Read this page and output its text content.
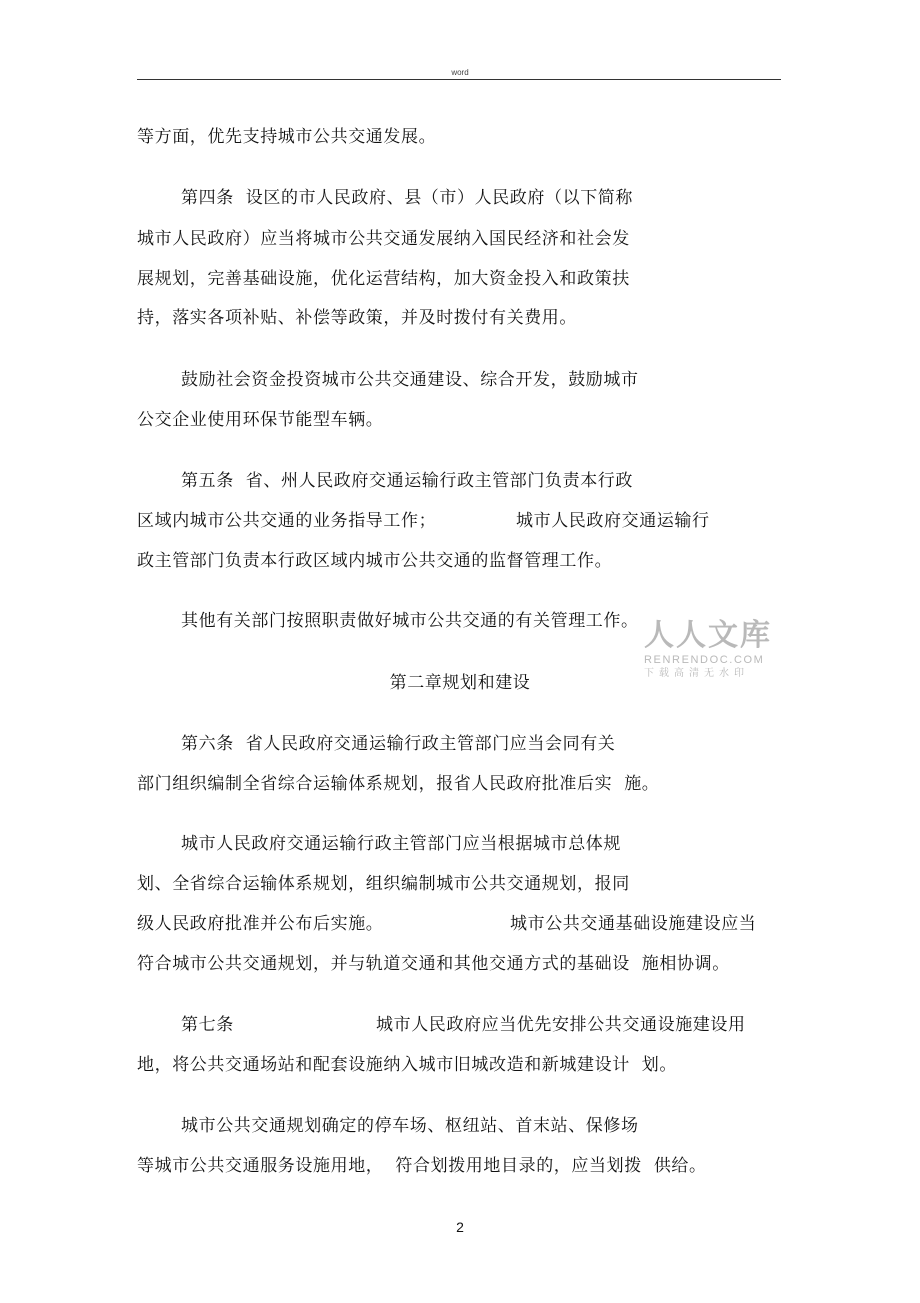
word
等方面，优先支持城市公共交通发展。
第四条  设区的市人民政府、县（市）人民政府（以下简称
城市人民政府）应当将城市公共交通发展纳入国民经济和社会发
展规划，完善基础设施，优化运营结构，加大资金投入和政策扶
持，落实各项补贴、补偿等政策，并及时拨付有关费用。
鼓励社会资金投资城市公共交通建设、综合开发，鼓励城市
公交企业使用环保节能型车辆。
第五条  省、州人民政府交通运输行政主管部门负责本行政
区域内城市公共交通的业务指导工作；	城市人民政府交通运输行
政主管部门负责本行政区域内城市公共交通的监督管理工作。
其他有关部门按照职责做好城市公共交通的有关管理工作。
第二章规划和建设
第六条  省人民政府交通运输行政主管部门应当会同有关
部门组织编制全省综合运输体系规划，报省人民政府批准后实  施。
城市人民政府交通运输行政主管部门应当根据城市总体规
划、全省综合运输体系规划，组织编制城市公共交通规划，报同
级人民政府批准并公布后实施。	城市公共交通基础设施建设应当
符合城市公共交通规划，并与轨道交通和其他交通方式的基础设  施相协调。
第七条	城市人民政府应当优先安排公共交通设施建设用
地，将公共交通场站和配套设施纳入城市旧城改造和新城建设计  划。
城市公共交通规划确定的停车场、枢纽站、首末站、保修场
等城市公共交通服务设施用地，  符合划拨用地目录的，应当划拨  供给。
人人文库
RENRENDOC.COM
下载高清无水印
2
